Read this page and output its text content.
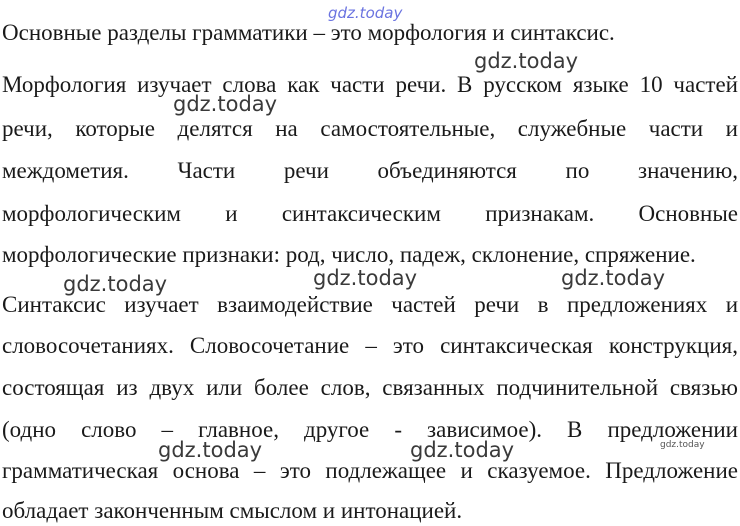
gdz.today
Основные разделы грамматики – это морфология и синтаксис.
gdz.today
Морфология изучает слова как части речи. В русском языке 10 частей
gdz.today
речи, которые делятся на самостоятельные, служебные части и
междометия. Части речи объединяются по значению,
морфологическим и синтаксическим признакам. Основные
морфологические признаки: род, число, падеж, склонение, спряжение.
gdz.today	gdz.today	gdz.today
Синтаксис изучает взаимодействие частей речи в предложениях и
словосочетаниях. Словосочетание – это синтаксическая конструкция,
состоящая из двух или более слов, связанных подчинительной связью
(одно слово – главное, другое - зависимое). В предложении
gdz.today
gdz.today	gdz.today
грамматическая основа – это подлежащее и сказуемое. Предложение
обладает законченным смыслом и интонацией.
